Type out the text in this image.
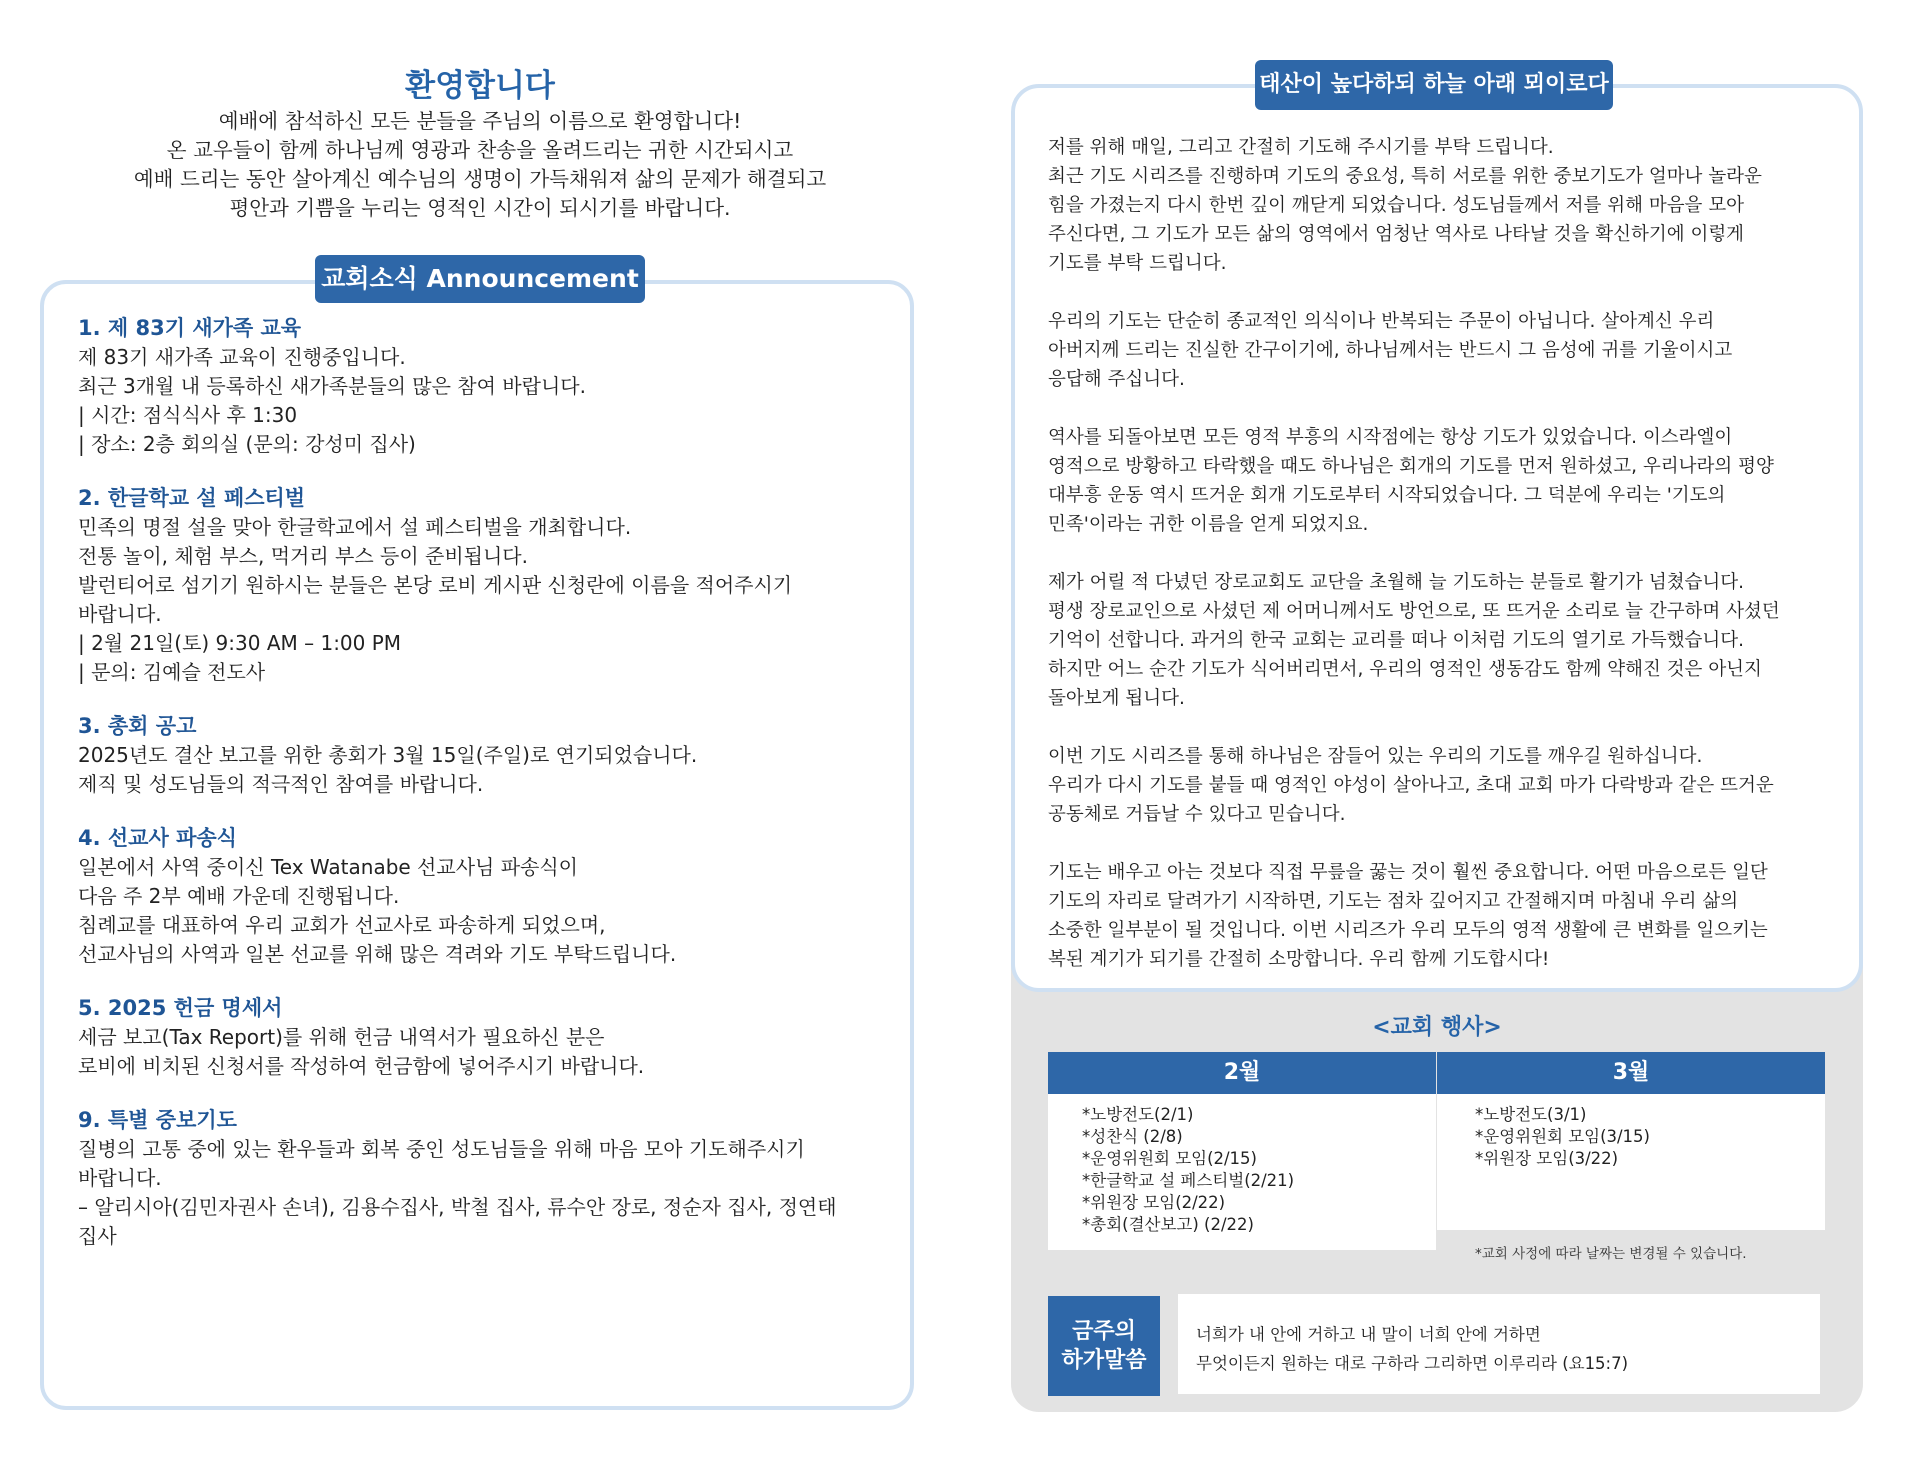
환영합니다
예배에 참석하신 모든 분들을 주님의 이름으로 환영합니다!
온 교우들이 함께 하나님께 영광과 찬송을 올려드리는 귀한 시간되시고
예배 드리는 동안 살아계신 예수님의 생명이 가득채워져 삶의 문제가 해결되고
평안과 기쁨을 누리는 영적인 시간이 되시기를 바랍니다.
교회소식 Announcement
1. 제 83기 새가족 교육
제 83기 새가족 교육이 진행중입니다.
최근 3개월 내 등록하신 새가족분들의 많은 참여 바랍니다.
| 시간: 점식식사 후 1:30
| 장소: 2층 회의실 (문의: 강성미 집사)
2. 한글학교 설 페스티벌
민족의 명절 설을 맞아 한글학교에서 설 페스티벌을 개최합니다.
전통 놀이, 체험 부스, 먹거리 부스 등이 준비됩니다.
발런티어로 섬기기 원하시는 분들은 본당 로비 게시판 신청란에 이름을 적어주시기
바랍니다.
| 2월 21일(토) 9:30 AM – 1:00 PM
| 문의: 김예슬 전도사
3. 총회 공고
2025년도 결산 보고를 위한 총회가 3월 15일(주일)로 연기되었습니다.
제직 및 성도님들의 적극적인 참여를 바랍니다.
4. 선교사 파송식
일본에서 사역 중이신 Tex Watanabe 선교사님 파송식이
다음 주 2부 예배 가운데 진행됩니다.
침례교를 대표하여 우리 교회가 선교사로 파송하게 되었으며,
선교사님의 사역과 일본 선교를 위해 많은 격려와 기도 부탁드립니다.
5. 2025 헌금 명세서
세금 보고(Tax Report)를 위해 헌금 내역서가 필요하신 분은
로비에 비치된 신청서를 작성하여 헌금함에 넣어주시기 바랍니다.
9. 특별 중보기도
질병의 고통 중에 있는 환우들과 회복 중인 성도님들을 위해 마음 모아 기도해주시기
바랍니다.
– 알리시아(김민자권사 손녀), 김용수집사, 박철 집사, 류수안 장로, 정순자 집사, 정연태
집사
태산이 높다하되 하늘 아래 뫼이로다
저를 위해 매일, 그리고 간절히 기도해 주시기를 부탁 드립니다.
최근 기도 시리즈를 진행하며 기도의 중요성, 특히 서로를 위한 중보기도가 얼마나 놀라운
힘을 가졌는지 다시 한번 깊이 깨닫게 되었습니다. 성도님들께서 저를 위해 마음을 모아
주신다면, 그 기도가 모든 삶의 영역에서 엄청난 역사로 나타날 것을 확신하기에 이렇게
기도를 부탁 드립니다.
우리의 기도는 단순히 종교적인 의식이나 반복되는 주문이 아닙니다. 살아계신 우리
아버지께 드리는 진실한 간구이기에, 하나님께서는 반드시 그 음성에 귀를 기울이시고
응답해 주십니다.
역사를 되돌아보면 모든 영적 부흥의 시작점에는 항상 기도가 있었습니다. 이스라엘이
영적으로 방황하고 타락했을 때도 하나님은 회개의 기도를 먼저 원하셨고, 우리나라의 평양
대부흥 운동 역시 뜨거운 회개 기도로부터 시작되었습니다. 그 덕분에 우리는 '기도의
민족'이라는 귀한 이름을 얻게 되었지요.
제가 어릴 적 다녔던 장로교회도 교단을 초월해 늘 기도하는 분들로 활기가 넘쳤습니다.
평생 장로교인으로 사셨던 제 어머니께서도 방언으로, 또 뜨거운 소리로 늘 간구하며 사셨던
기억이 선합니다. 과거의 한국 교회는 교리를 떠나 이처럼 기도의 열기로 가득했습니다.
하지만 어느 순간 기도가 식어버리면서, 우리의 영적인 생동감도 함께 약해진 것은 아닌지
돌아보게 됩니다.
이번 기도 시리즈를 통해 하나님은 잠들어 있는 우리의 기도를 깨우길 원하십니다.
우리가 다시 기도를 붙들 때 영적인 야성이 살아나고, 초대 교회 마가 다락방과 같은 뜨거운
공동체로 거듭날 수 있다고 믿습니다.
기도는 배우고 아는 것보다 직접 무릎을 꿇는 것이 훨씬 중요합니다. 어떤 마음으로든 일단
기도의 자리로 달려가기 시작하면, 기도는 점차 깊어지고 간절해지며 마침내 우리 삶의
소중한 일부분이 될 것입니다. 이번 시리즈가 우리 모두의 영적 생활에 큰 변화를 일으키는
복된 계기가 되기를 간절히 소망합니다. 우리 함께 기도합시다!
<교회 행사>
2월
*노방전도(2/1)
*성찬식 (2/8)
*운영위원회 모임(2/15)
*한글학교 설 페스티벌(2/21)
*위원장 모임(2/22)
*총회(결산보고) (2/22)
3월
*노방전도(3/1)
*운영위원회 모임(3/15)
*위원장 모임(3/22)
*교회 사정에 따라 날짜는 변경될 수 있습니다.
금주의
하가말씀
너희가 내 안에 거하고 내 말이 너희 안에 거하면
무엇이든지 원하는 대로 구하라 그리하면 이루리라 (요15:7)
